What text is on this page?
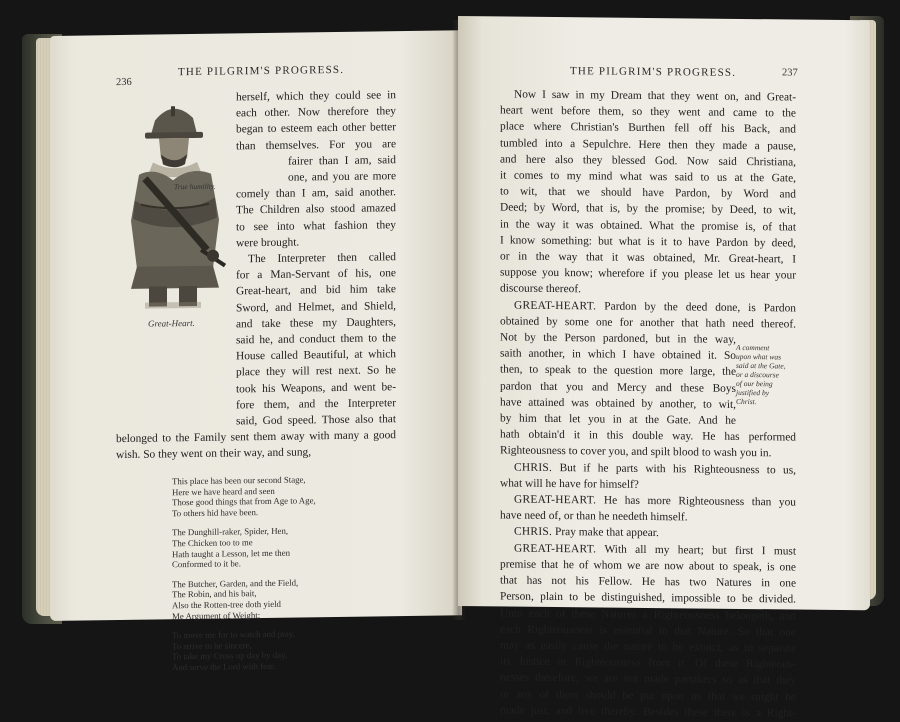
236
THE PILGRIM'S PROGRESS.
Great-Heart.
True humility.
herself, which they could see in
each other. Now therefore they
began to esteem each other better
than themselves. For you are
fairer than I am, said
one, and you are more
comely than I am, said another.
The Children also stood amazed
to see into what fashion they
were brought.
The Interpreter then called
for a Man-Servant of his, one
Great-heart, and bid him take
Sword, and Helmet, and Shield,
and take these my Daughters,
said he, and conduct them to the
House called Beautiful, at which
place they will rest next. So he
took his Weapons, and went be-
fore them, and the Interpreter
said, God speed. Those also that
belonged to the Family sent them away with many a good
wish. So they went on their way, and sung,
This place has been our second Stage,
Here we have heard and seen
Those good things that from Age to Age,
To others hid have been.
The Dunghill-raker, Spider, Hen,
The Chicken too to me
Hath taught a Lesson, let me then
Conformed to it be.
The Butcher, Garden, and the Field,
The Robin, and his bait,
Also the Rotten-tree doth yield
Me Argument of Weight;
To move me for to watch and pray,
To strive to be sincere,
To take my Cross up day by day,
And serve the Lord with fear.
THE PILGRIM'S PROGRESS.	237
Now I saw in my Dream that they went on, and Great-
heart went before them, so they went and came to the
place where Christian's Burthen fell off his Back, and
tumbled into a Sepulchre. Here then they made a pause,
and here also they blessed God. Now said Christiana,
it comes to my mind what was said to us at the Gate,
to wit, that we should have Pardon, by Word and
Deed; by Word, that is, by the promise; by Deed, to wit,
in the way it was obtained. What the promise is, of that
I know something: but what is it to have Pardon by deed,
or in the way that it was obtained, Mr. Great-heart, I
suppose you know; wherefore if you please let us hear your
discourse thereof.
GREAT-HEART. Pardon by the deed done, is Pardon
obtained by some one for another that hath need thereof.
Not by the Person pardoned, but in the way,
saith another, in which I have obtained it. So
then, to speak to the question more large, the
pardon that you and Mercy and these Boys
have attained was obtained by another, to wit,
by him that let you in at the Gate. And he
hath obtain'd it in this double way. He has performed
Righteousness to cover you, and spilt blood to wash you in.
CHRIS. But if he parts with his Righteousness to us,
what will he have for himself?
GREAT-HEART. He has more Righteousness than you
have need of, or than he needeth himself.
CHRIS. Pray make that appear.
GREAT-HEART. With all my heart; but first I must
premise that he of whom we are now about to speak, is one
that has not his Fellow. He has two Natures in one
Person, plain to be distinguished, impossible to be divided.
Unto each of these Natures a Righteousness belongeth, and
each Righteousness is essential to that Nature. So that one
may as easily cause the nature to be extinct, as to separate
its Justice or Righteousness from it. Of these Righteous-
nesses therefore, we are not made partakers so as that they
or any of them should be put upon us that we might be
made just, and live thereby. Besides these there is a Right-
A comment
upon what was
said at the Gate,
or a discourse
of our being
justified by
Christ.
